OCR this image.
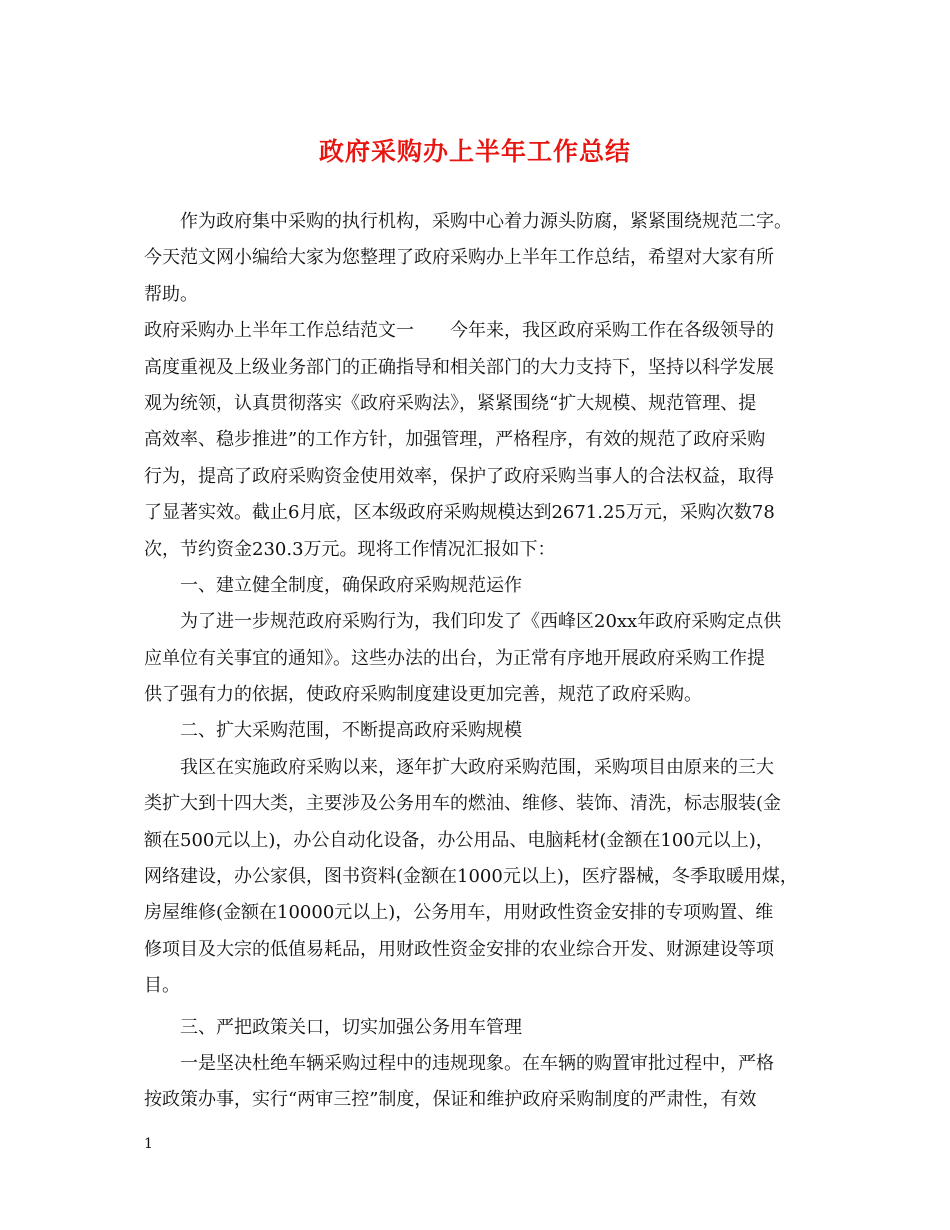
政府采购办上半年工作总结

作为政府集中采购的执行机构，采购中心着力源头防腐，紧紧围绕规范二字。

今天范文网小编给大家为您整理了政府采购办上半年工作总结，希望对大家有所

帮助。

政府采购办上半年工作总结范文一　　今年来，我区政府采购工作在各级领导的

高度重视及上级业务部门的正确指导和相关部门的大力支持下，坚持以科学发展

观为统领，认真贯彻落实《政府采购法》，紧紧围绕“扩大规模、规范管理、提

高效率、稳步推进”的工作方针，加强管理，严格程序，有效的规范了政府采购

行为，提高了政府采购资金使用效率，保护了政府采购当事人的合法权益，取得

了显著实效。截止6月底，区本级政府采购规模达到2671.25万元，采购次数78

次，节约资金230.3万元。现将工作情况汇报如下：

一、建立健全制度，确保政府采购规范运作

为了进一步规范政府采购行为，我们印发了《西峰区20xx年政府采购定点供

应单位有关事宜的通知》。这些办法的出台，为正常有序地开展政府采购工作提

供了强有力的依据，使政府采购制度建设更加完善，规范了政府采购。

二、扩大采购范围，不断提高政府采购规模

我区在实施政府采购以来，逐年扩大政府采购范围，采购项目由原来的三大

类扩大到十四大类，主要涉及公务用车的燃油、维修、装饰、清洗，标志服装(金

额在500元以上)，办公自动化设备，办公用品、电脑耗材(金额在100元以上)，

网络建设，办公家俱，图书资料(金额在1000元以上)，医疗器械，冬季取暖用煤，

房屋维修(金额在10000元以上)，公务用车，用财政性资金安排的专项购置、维

修项目及大宗的低值易耗品，用财政性资金安排的农业综合开发、财源建设等项

目。

三、严把政策关口，切实加强公务用车管理

一是坚决杜绝车辆采购过程中的违规现象。在车辆的购置审批过程中，严格

按政策办事，实行“两审三控”制度，保证和维护政府采购制度的严肃性，有效

1
